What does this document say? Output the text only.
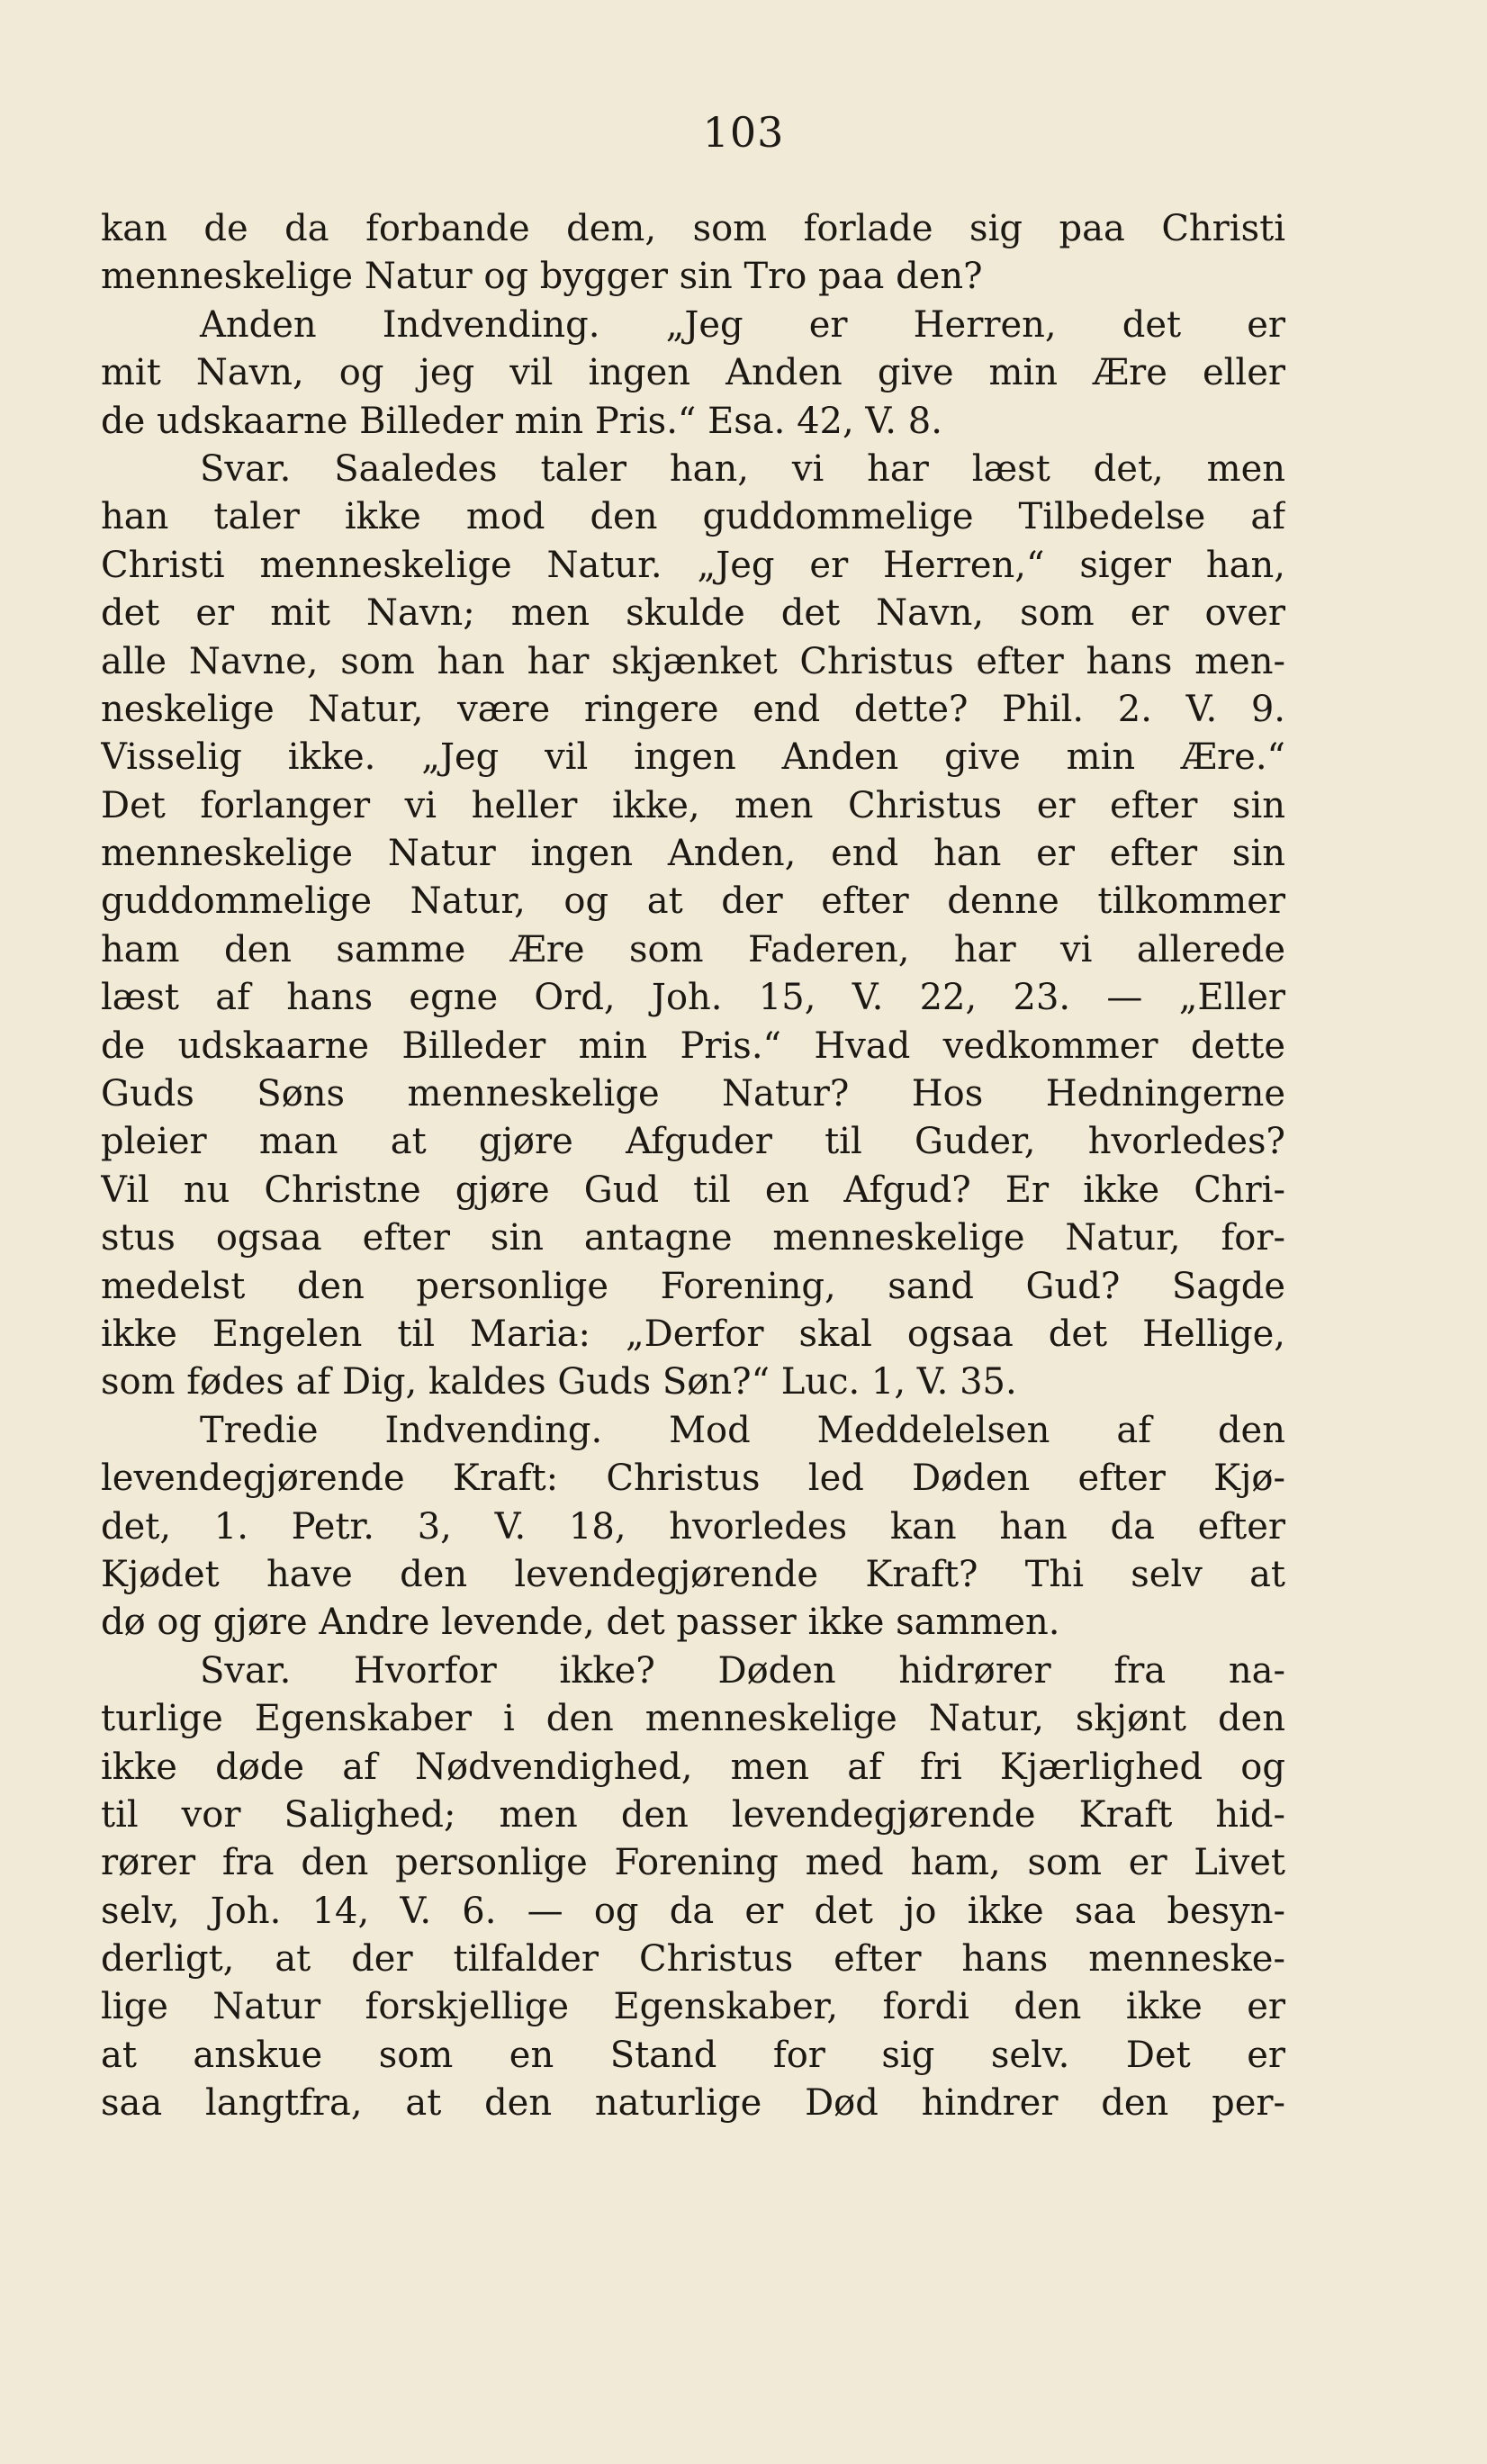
103
kan de da forbande dem, som forlade sig paa Christi
menneskelige Natur og bygger sin Tro paa den?
Anden Indvending. „Jeg er Herren, det er
mit Navn, og jeg vil ingen Anden give min Ære eller
de udskaarne Billeder min Pris.“ Esa. 42, V. 8.
Svar. Saaledes taler han, vi har læst det, men
han taler ikke mod den guddommelige Tilbedelse af
Christi menneskelige Natur. „Jeg er Herren,“ siger han,
det er mit Navn; men skulde det Navn, som er over
alle Navne, som han har skjænket Christus efter hans men-
neskelige Natur, være ringere end dette? Phil. 2. V. 9.
Visselig ikke. „Jeg vil ingen Anden give min Ære.“
Det forlanger vi heller ikke, men Christus er efter sin
menneskelige Natur ingen Anden, end han er efter sin
guddommelige Natur, og at der efter denne tilkommer
ham den samme Ære som Faderen, har vi allerede
læst af hans egne Ord, Joh. 15, V. 22, 23. — „Eller
de udskaarne Billeder min Pris.“ Hvad vedkommer dette
Guds Søns menneskelige Natur? Hos Hedningerne
pleier man at gjøre Afguder til Guder, hvorledes?
Vil nu Christne gjøre Gud til en Afgud? Er ikke Chri-
stus ogsaa efter sin antagne menneskelige Natur, for-
medelst den personlige Forening, sand Gud? Sagde
ikke Engelen til Maria: „Derfor skal ogsaa det Hellige,
som fødes af Dig, kaldes Guds Søn?“ Luc. 1, V. 35.
Tredie Indvending. Mod Meddelelsen af den
levendegjørende Kraft: Christus led Døden efter Kjø-
det, 1. Petr. 3, V. 18, hvorledes kan han da efter
Kjødet have den levendegjørende Kraft? Thi selv at
dø og gjøre Andre levende, det passer ikke sammen.
Svar. Hvorfor ikke? Døden hidrører fra na-
turlige Egenskaber i den menneskelige Natur, skjønt den
ikke døde af Nødvendighed, men af fri Kjærlighed og
til vor Salighed; men den levendegjørende Kraft hid-
rører fra den personlige Forening med ham, som er Livet
selv, Joh. 14, V. 6. — og da er det jo ikke saa besyn-
derligt, at der tilfalder Christus efter hans menneske-
lige Natur forskjellige Egenskaber, fordi den ikke er
at anskue som en Stand for sig selv. Det er
saa langtfra, at den naturlige Død hindrer den per-
